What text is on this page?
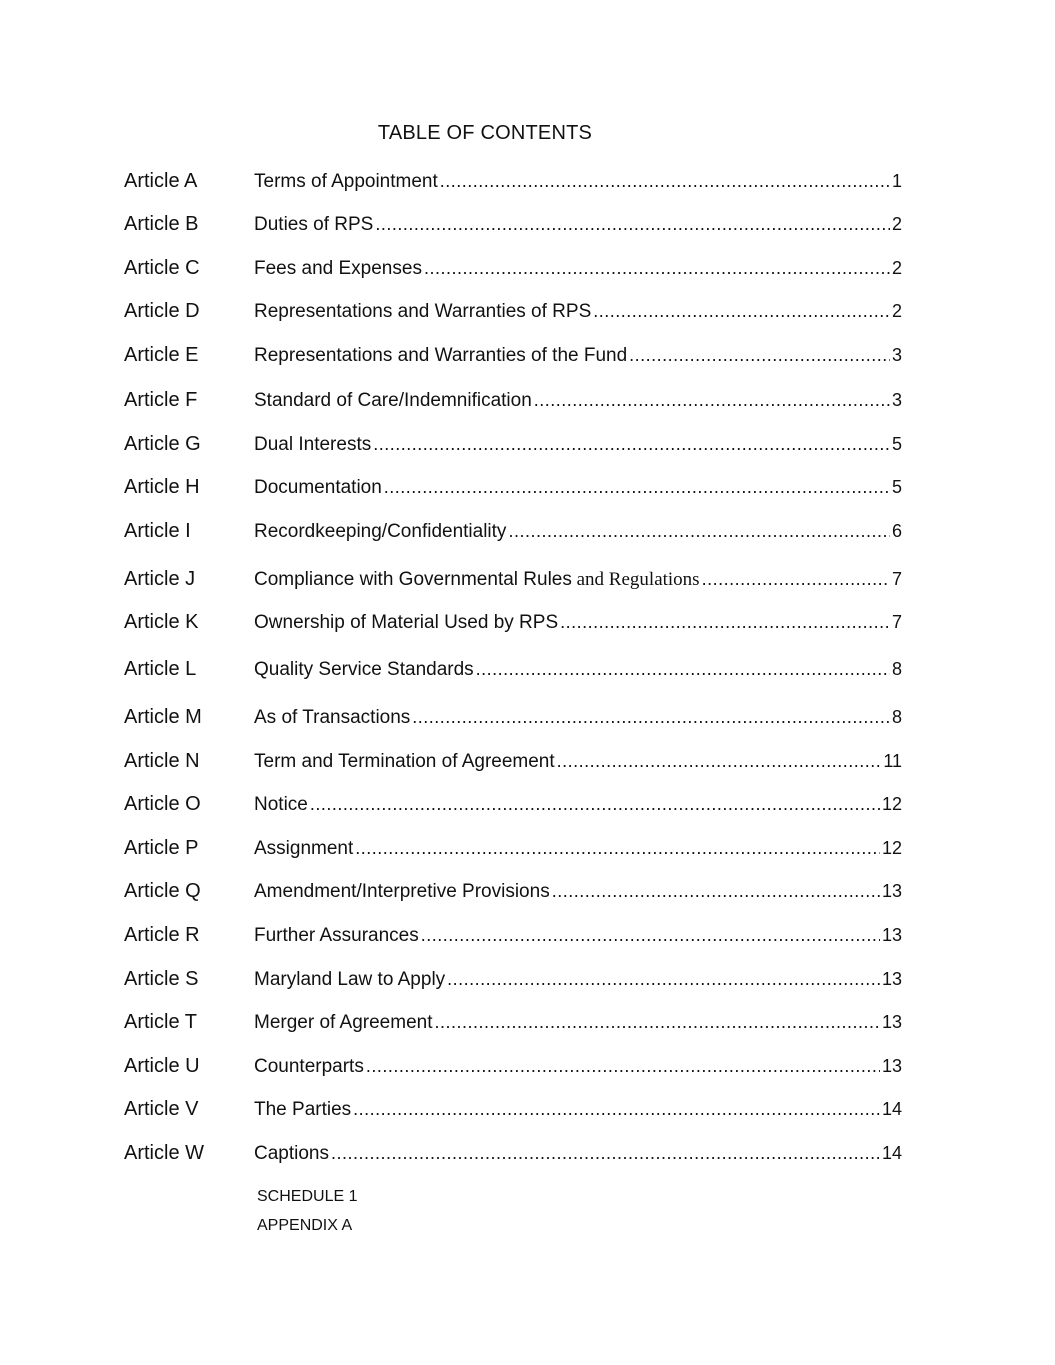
TABLE OF CONTENTS
Article A	Terms of Appointment .....	1
Article B	Duties of RPS .....	2
Article C	Fees and Expenses .....	2
Article D	Representations and Warranties of RPS .....	2
Article E	Representations and Warranties of the Fund .....	3
Article F	Standard of Care/Indemnification .....	3
Article G	Dual Interests .....	5
Article H	Documentation .....	5
Article I	Recordkeeping/Confidentiality .....	6
Article J	Compliance with Governmental Rules and Regulations .....	7
Article K	Ownership of Material Used by RPS .....	7
Article L	Quality Service Standards .....	8
Article M	As of Transactions .....	8
Article N	Term and Termination of Agreement .....	11
Article O	Notice .....	12
Article P	Assignment .....	12
Article Q	Amendment/Interpretive Provisions .....	13
Article R	Further Assurances .....	13
Article S	Maryland Law to Apply .....	13
Article T	Merger of Agreement .....	13
Article U	Counterparts .....	13
Article V	The Parties .....	14
Article W	Captions .....	14
SCHEDULE 1
APPENDIX A
